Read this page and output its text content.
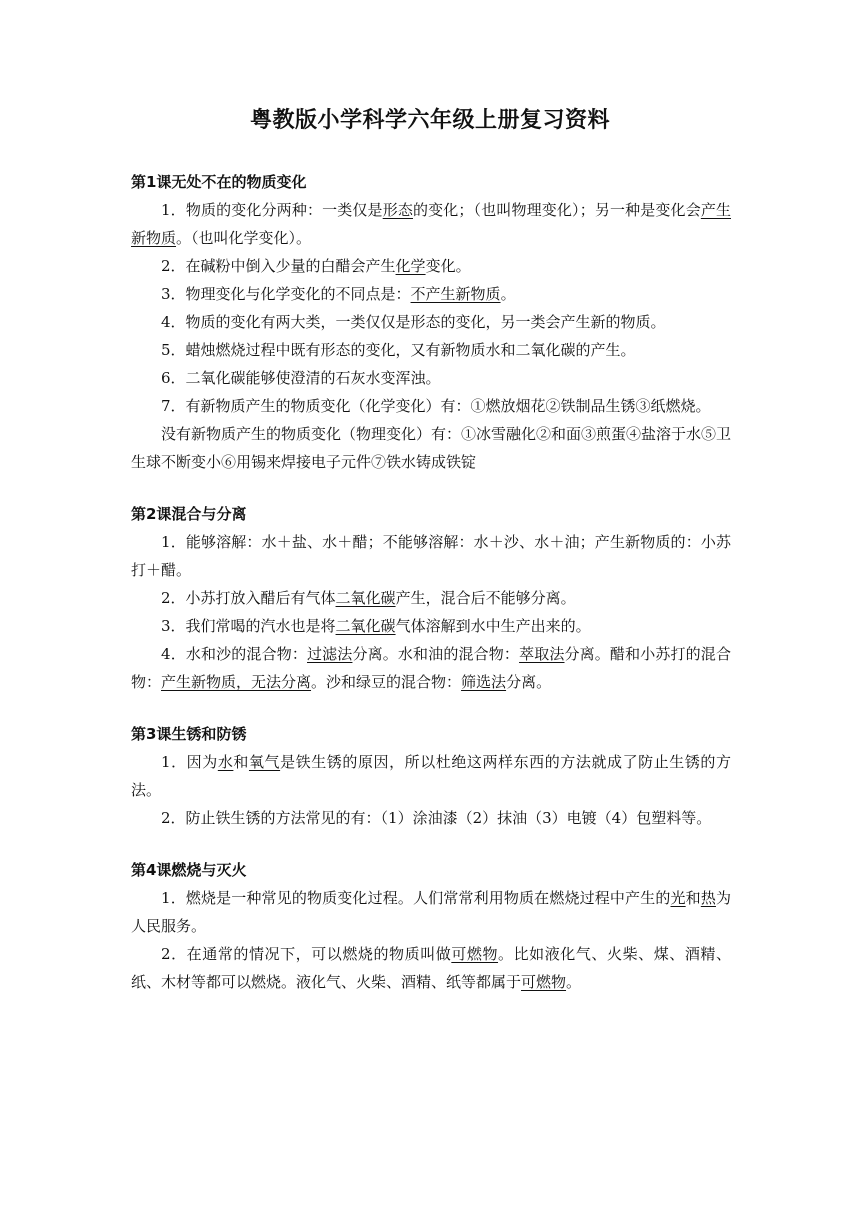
粤教版小学科学六年级上册复习资料
第1课无处不在的物质变化
1．物质的变化分两种：一类仅是形态的变化；（也叫物理变化）；另一种是变化会产生新物质。（也叫化学变化）。
2．在碱粉中倒入少量的白醋会产生化学变化。
3．物理变化与化学变化的不同点是：不产生新物质。
4．物质的变化有两大类，一类仅仅是形态的变化，另一类会产生新的物质。
5．蜡烛燃烧过程中既有形态的变化，又有新物质水和二氧化碳的产生。
6．二氧化碳能够使澄清的石灰水变浑浊。
7．有新物质产生的物质变化（化学变化）有：①燃放烟花②铁制品生锈③纸燃烧。
没有新物质产生的物质变化（物理变化）有：①冰雪融化②和面③煎蛋④盐溶于水⑤卫生球不断变小⑥用锡来焊接电子元件⑦铁水铸成铁锭
第2课混合与分离
1．能够溶解：水＋盐、水＋醋；不能够溶解：水＋沙、水＋油；产生新物质的：小苏打＋醋。
2．小苏打放入醋后有气体二氧化碳产生，混合后不能够分离。
3．我们常喝的汽水也是将二氧化碳气体溶解到水中生产出来的。
4．水和沙的混合物：过滤法分离。水和油的混合物：萃取法分离。醋和小苏打的混合物：产生新物质，无法分离。沙和绿豆的混合物：筛选法分离。
第3课生锈和防锈
1．因为水和氧气是铁生锈的原因，所以杜绝这两样东西的方法就成了防止生锈的方法。
2．防止铁生锈的方法常见的有：（1）涂油漆（2）抹油（3）电镀（4）包塑料等。
第4课燃烧与灭火
1．燃烧是一种常见的物质变化过程。人们常常利用物质在燃烧过程中产生的光和热为人民服务。
2．在通常的情况下，可以燃烧的物质叫做可燃物。比如液化气、火柴、煤、酒精、纸、木材等都可以燃烧。液化气、火柴、酒精、纸等都属于可燃物。
